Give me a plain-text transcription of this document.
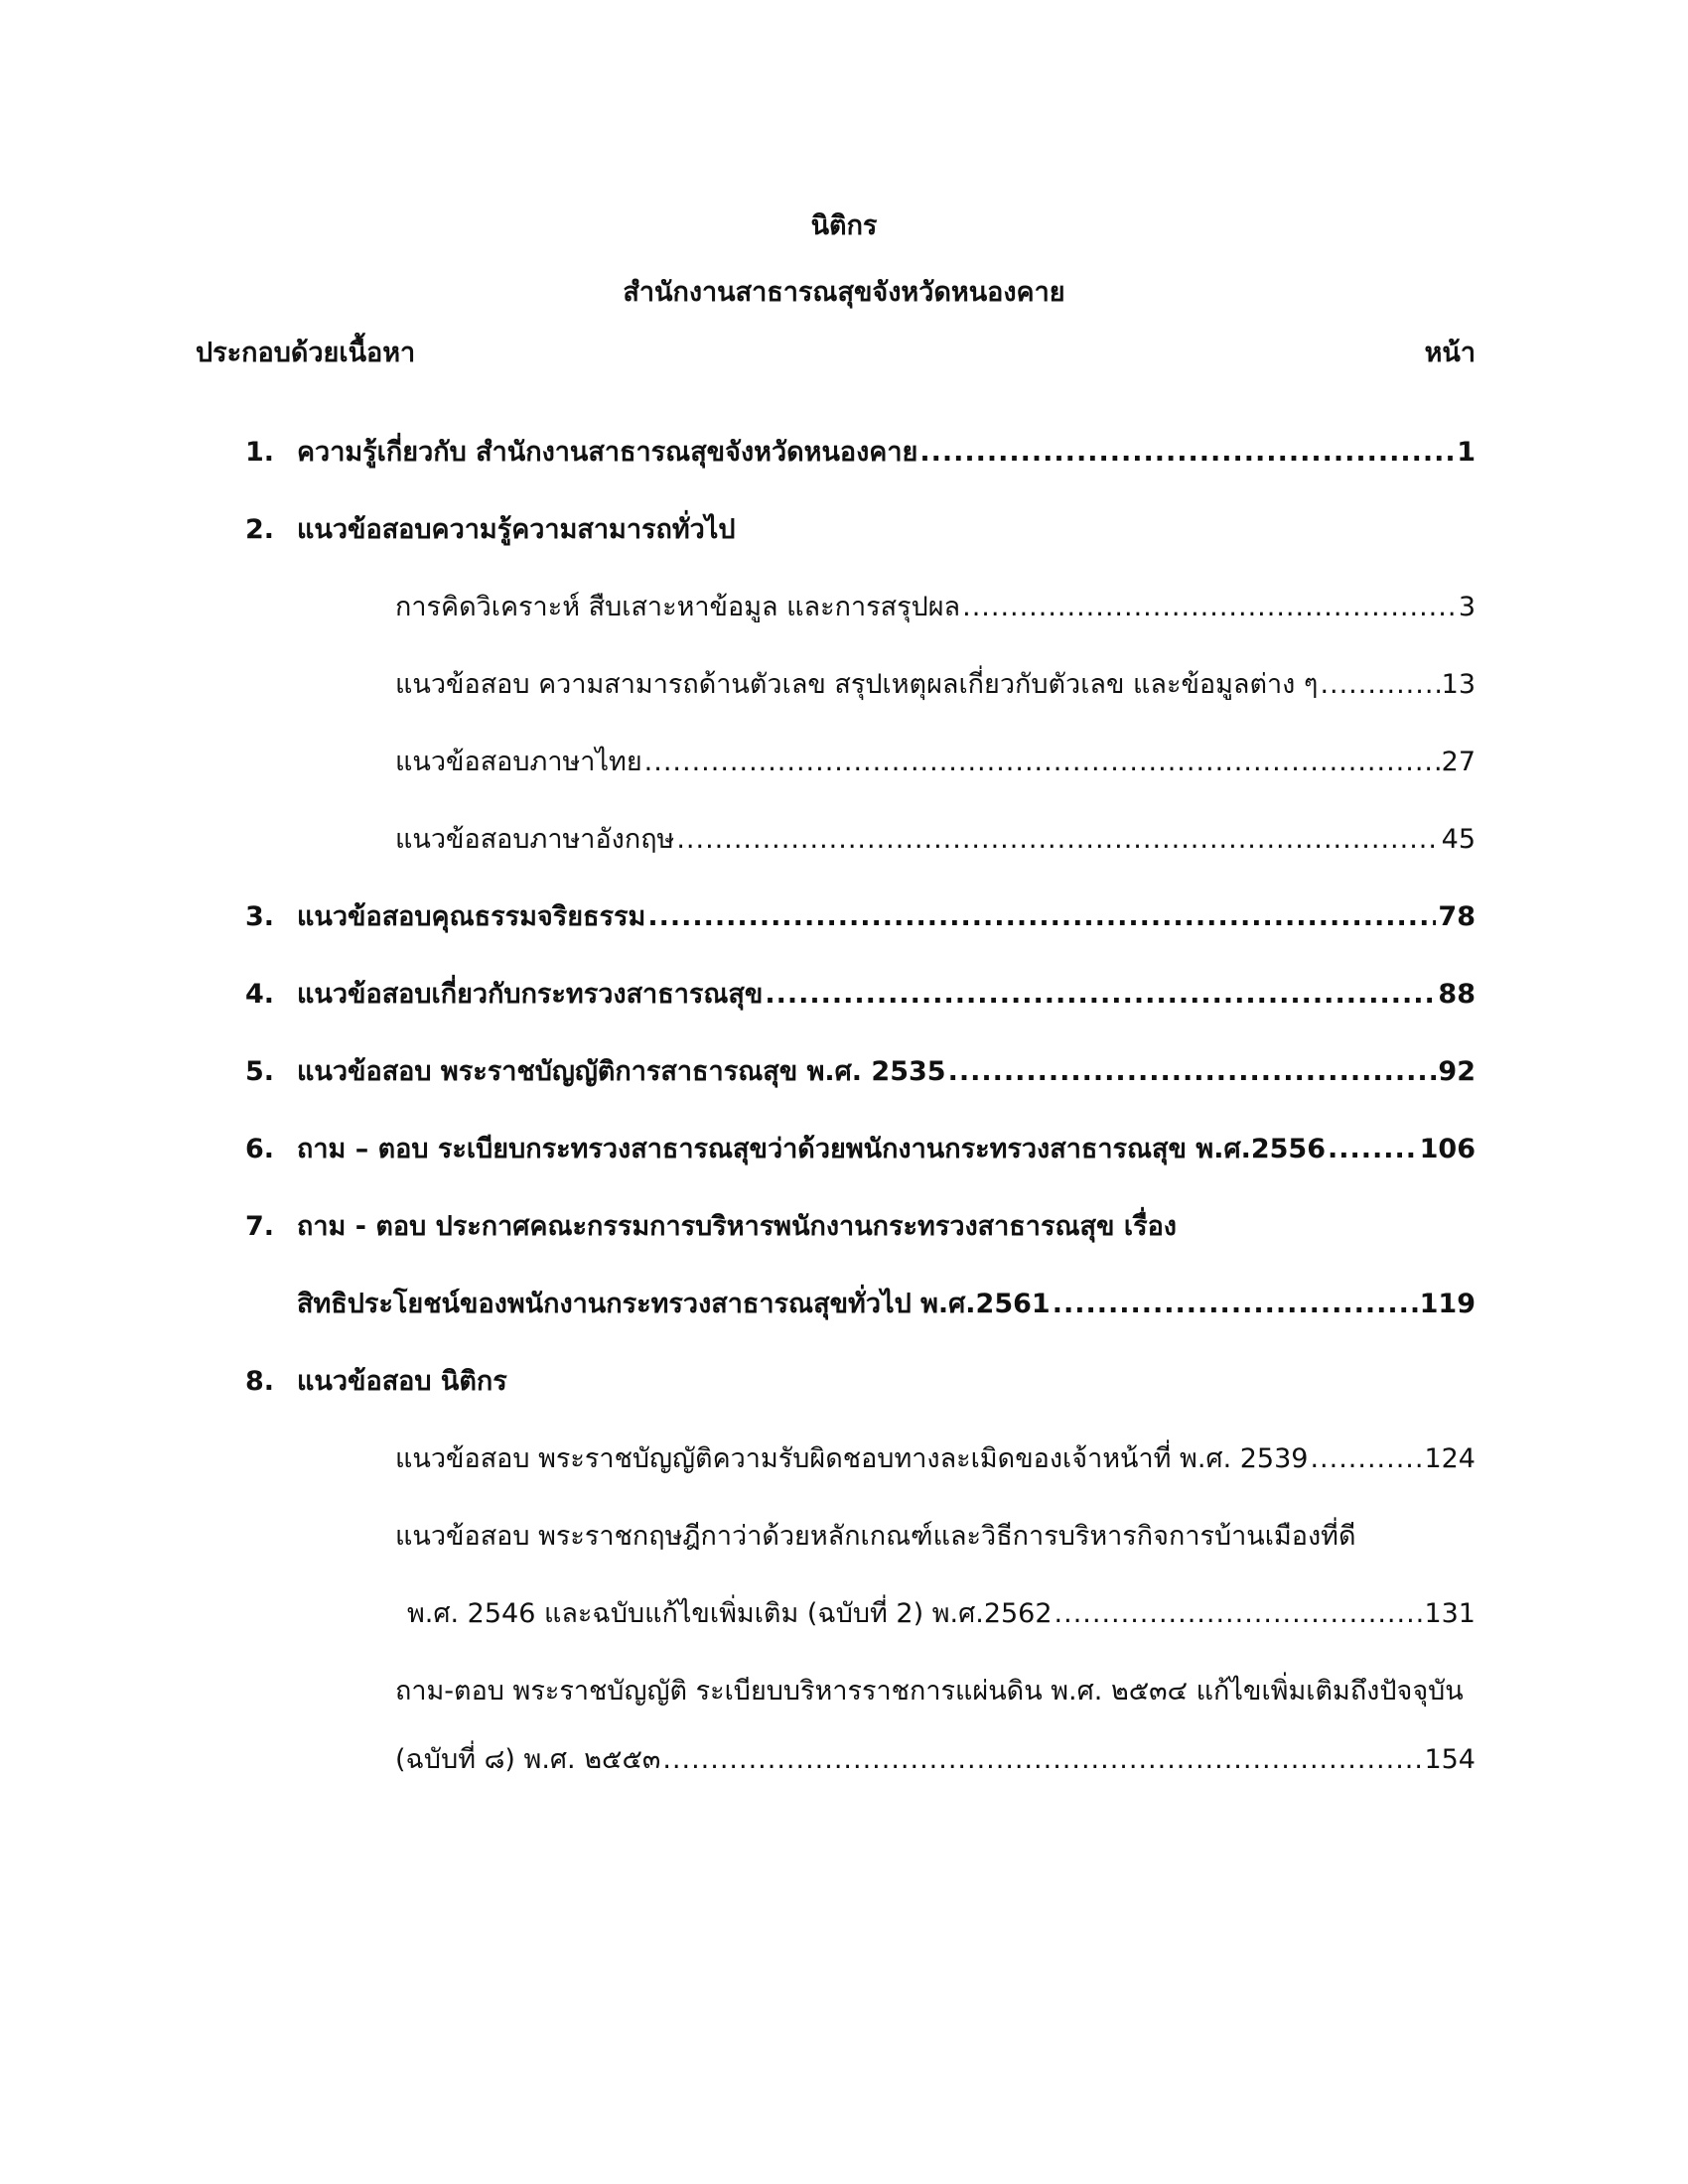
นิติกร
สำนักงานสาธารณสุขจังหวัดหนองคาย
ประกอบด้วยเนื้อหา	หน้า
1. ความรู้เกี่ยวกับ สำนักงานสาธารณสุขจังหวัดหนองคาย .....	1
2. แนวข้อสอบความรู้ความสามารถทั่วไป
การคิดวิเคราะห์ สืบเสาะหาข้อมูล และการสรุปผล .....	3
แนวข้อสอบ ความสามารถด้านตัวเลข สรุปเหตุผลเกี่ยวกับตัวเลข และข้อมูลต่าง ๆ .....	13
แนวข้อสอบภาษาไทย .....	27
แนวข้อสอบภาษาอังกฤษ .....	45
3. แนวข้อสอบคุณธรรมจริยธรรม .....	78
4. แนวข้อสอบเกี่ยวกับกระทรวงสาธารณสุข .....	88
5. แนวข้อสอบ พระราชบัญญัติการสาธารณสุข พ.ศ. 2535 .....	92
6. ถาม – ตอบ ระเบียบกระทรวงสาธารณสุขว่าด้วยพนักงานกระทรวงสาธารณสุข พ.ศ.2556 .....	106
7. ถาม - ตอบ ประกาศคณะกรรมการบริหารพนักงานกระทรวงสาธารณสุข เรื่อง
สิทธิประโยชน์ของพนักงานกระทรวงสาธารณสุขทั่วไป พ.ศ.2561 .....	119
8. แนวข้อสอบ นิติกร
แนวข้อสอบ พระราชบัญญัติความรับผิดชอบทางละเมิดของเจ้าหน้าที่ พ.ศ. 2539 .....	124
แนวข้อสอบ พระราชกฤษฎีกาว่าด้วยหลักเกณฑ์และวิธีการบริหารกิจการบ้านเมืองที่ดี
พ.ศ. 2546 และฉบับแก้ไขเพิ่มเติม (ฉบับที่ 2) พ.ศ.2562 .....	131
ถาม-ตอบ พระราชบัญญัติ ระเบียบบริหารราชการแผ่นดิน พ.ศ. ๒๕๓๔ แก้ไขเพิ่มเติมถึงปัจจุบัน
(ฉบับที่ ๘) พ.ศ. ๒๕๕๓ .....	154
